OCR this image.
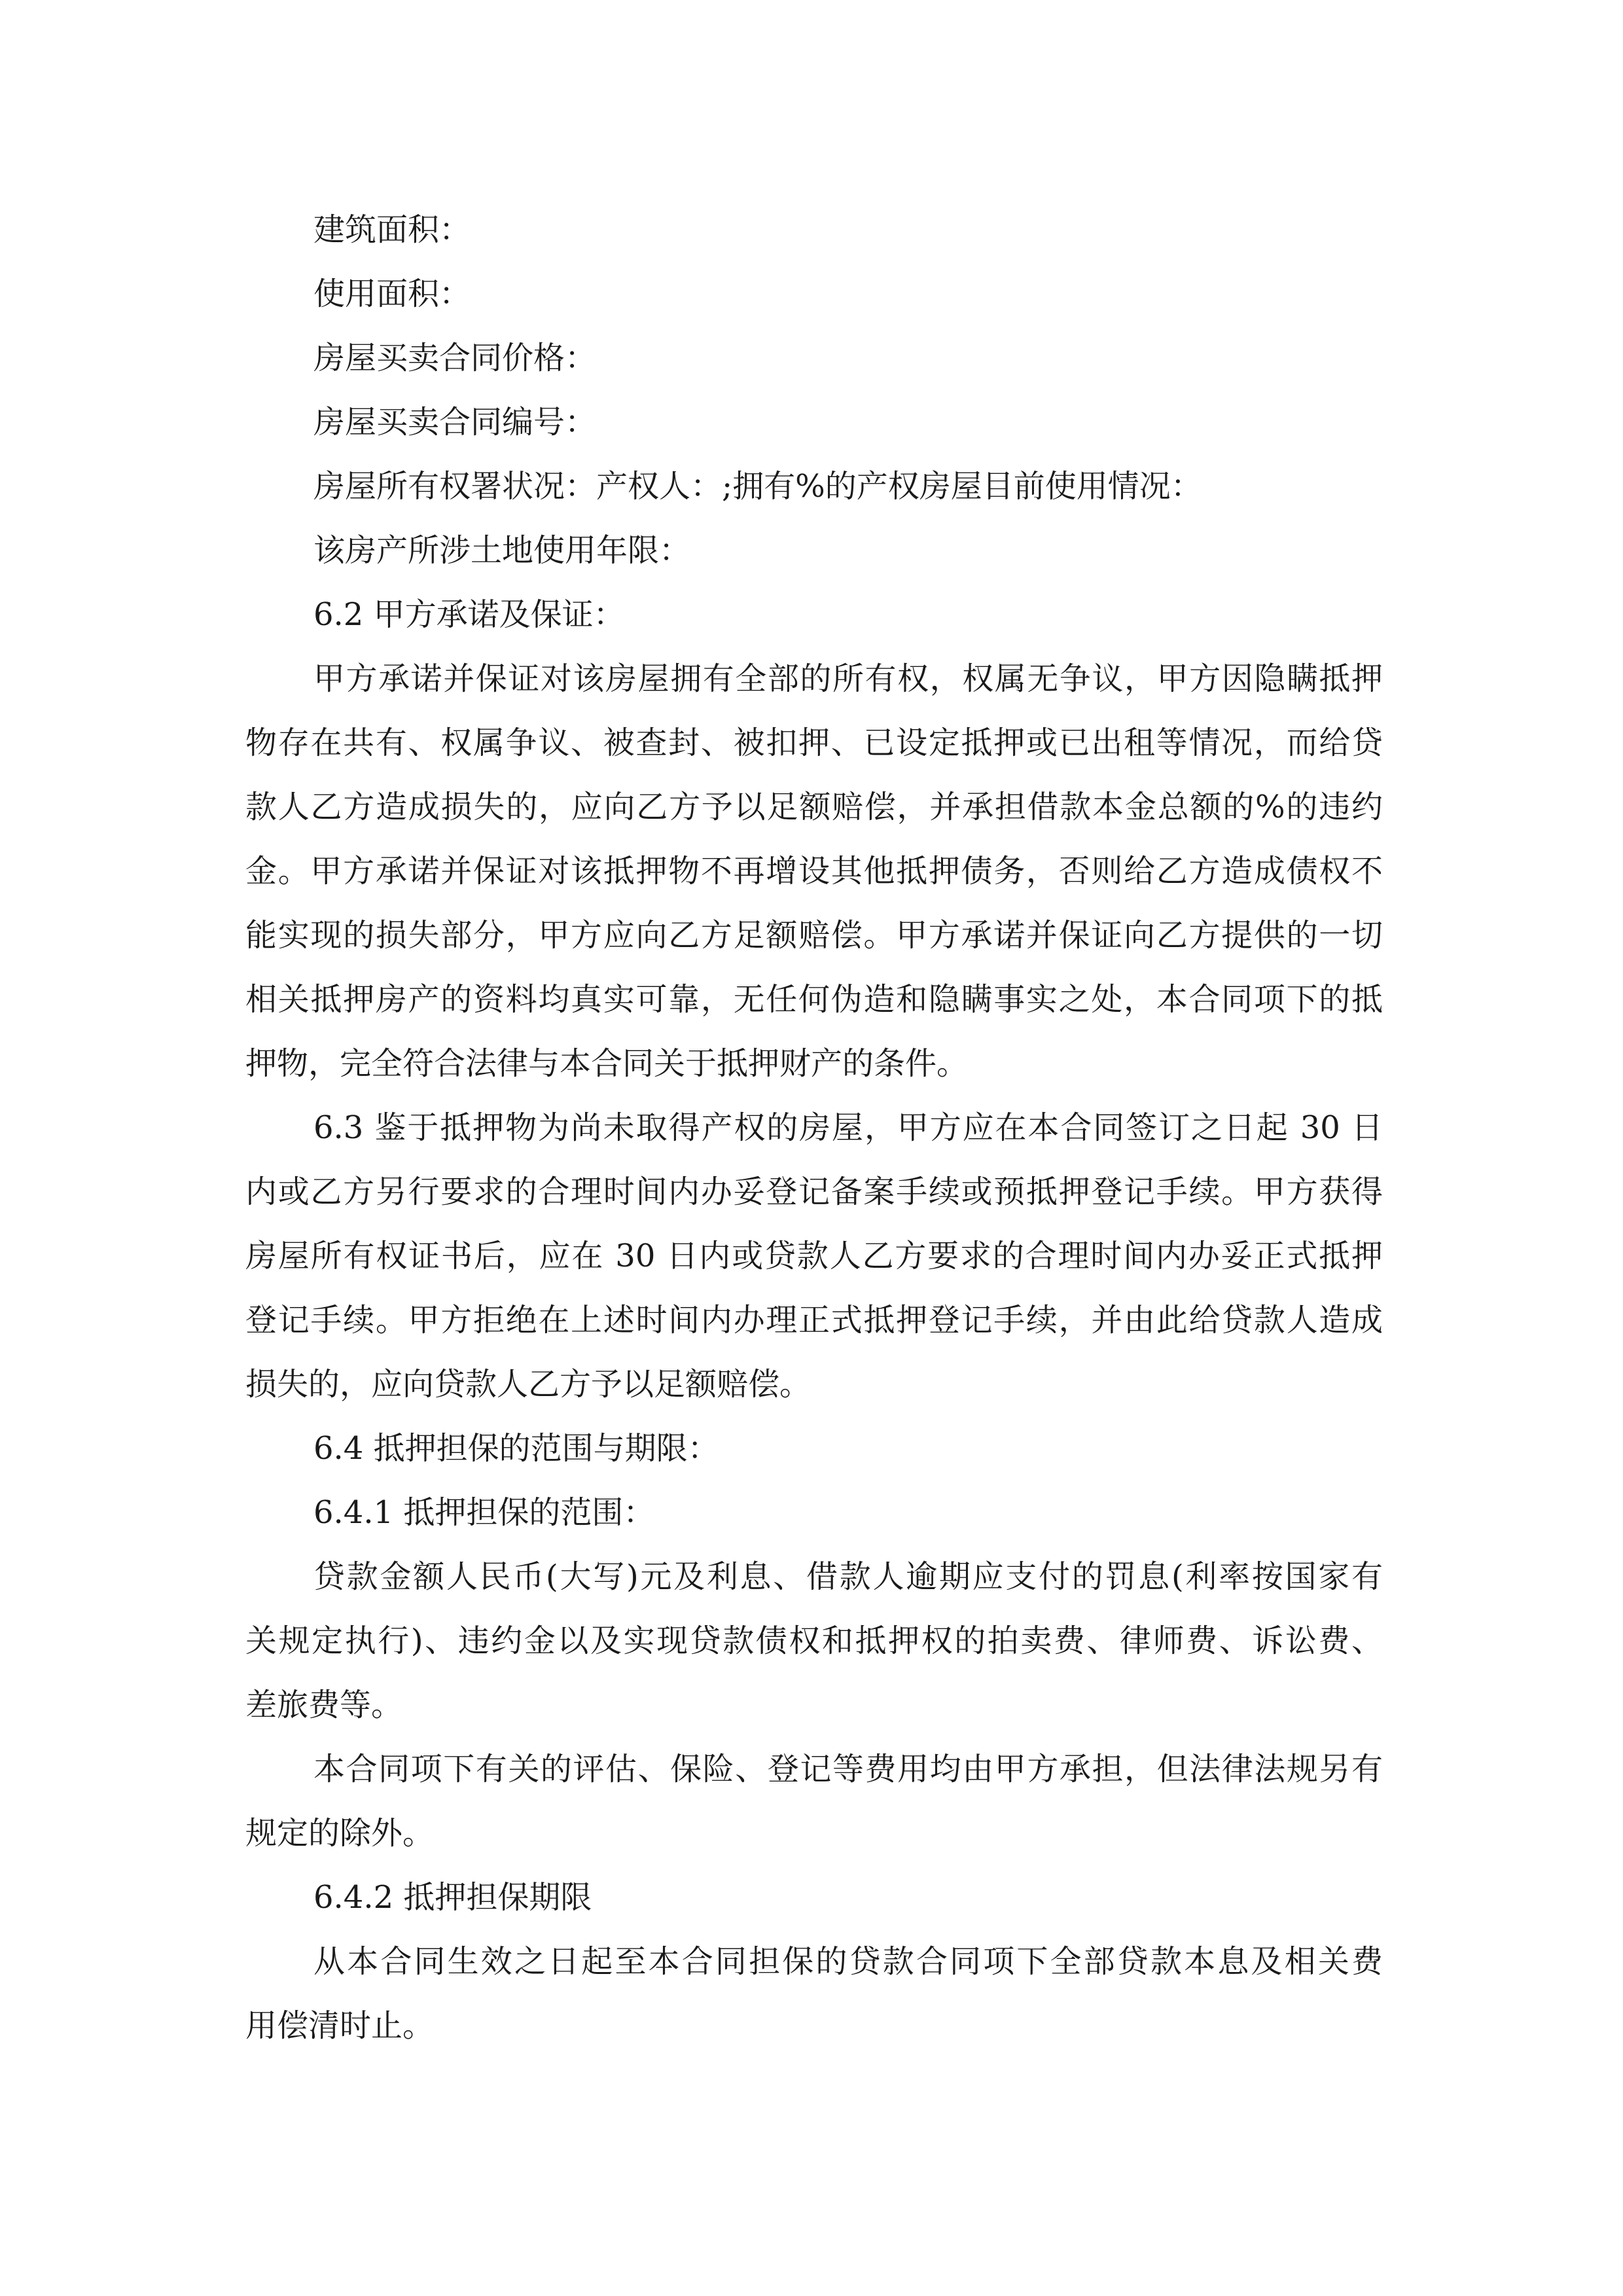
建筑面积：

使用面积：

房屋买卖合同价格：

房屋买卖合同编号：

房屋所有权署状况：产权人：;拥有%的产权房屋目前使用情况：

该房产所涉土地使用年限：

6.2 甲方承诺及保证：

甲方承诺并保证对该房屋拥有全部的所有权，权属无争议，甲方因隐瞒抵押
物存在共有、权属争议、被查封、被扣押、已设定抵押或已出租等情况，而给贷
款人乙方造成损失的，应向乙方予以足额赔偿，并承担借款本金总额的%的违约
金。甲方承诺并保证对该抵押物不再增设其他抵押债务，否则给乙方造成债权不
能实现的损失部分，甲方应向乙方足额赔偿。甲方承诺并保证向乙方提供的一切
相关抵押房产的资料均真实可靠，无任何伪造和隐瞒事实之处，本合同项下的抵
押物，完全符合法律与本合同关于抵押财产的条件。
6.3 鉴于抵押物为尚未取得产权的房屋，甲方应在本合同签订之日起 30 日
内或乙方另行要求的合理时间内办妥登记备案手续或预抵押登记手续。甲方获得
房屋所有权证书后，应在 30 日内或贷款人乙方要求的合理时间内办妥正式抵押
登记手续。甲方拒绝在上述时间内办理正式抵押登记手续，并由此给贷款人造成
损失的，应向贷款人乙方予以足额赔偿。

6.4 抵押担保的范围与期限：

6.4.1 抵押担保的范围：

贷款金额人民币(大写)元及利息、借款人逾期应支付的罚息(利率按国家有
关规定执行)、违约金以及实现贷款债权和抵押权的拍卖费、律师费、诉讼费、
差旅费等。
本合同项下有关的评估、保险、登记等费用均由甲方承担，但法律法规另有
规定的除外。

6.4.2 抵押担保期限

从本合同生效之日起至本合同担保的贷款合同项下全部贷款本息及相关费
用偿清时止。
